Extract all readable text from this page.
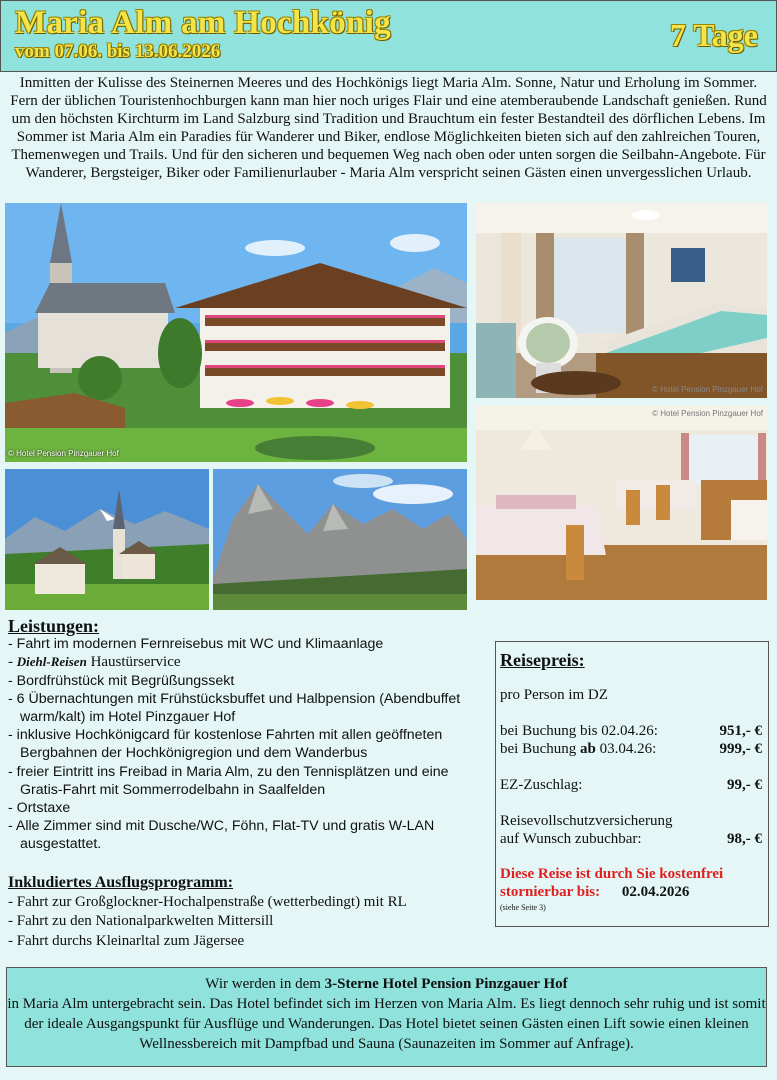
Maria Alm am Hochkönig
vom 07.06. bis 13.06.2026	7 Tage
Inmitten der Kulisse des Steinernen Meeres und des Hochkönigs liegt Maria Alm. Sonne, Natur und Erholung im Sommer. Fern der üblichen Touristenhochburgen kann man hier noch uriges Flair und eine atemberaubende Landschaft genießen. Rund um den höchsten Kirchturm im Land Salzburg sind Tradition und Brauchtum ein fester Bestandteil des dörflichen Lebens. Im Sommer ist Maria Alm ein Paradies für Wanderer und Biker, endlose Möglichkeiten bieten sich auf den zahlreichen Touren, Themenwegen und Trails. Und für den sicheren und bequemen Weg nach oben oder unten sorgen die Seilbahn-Angebote. Für Wanderer, Bergsteiger, Biker oder Familienurlauber - Maria Alm verspricht seinen Gästen einen unvergesslichen Urlaub.
© Hotel Pension Pinzgauer Hof
© Hotel Pension Pinzgauer Hof
© Hotel Pension Pinzgauer Hof
Leistungen:
- Fahrt im modernen Fernreisebus mit WC und Klimaanlage
- Diehl-Reisen Haustürservice
- Bordfrühstück mit Begrüßungssekt
- 6 Übernachtungen mit Frühstücksbuffet und Halbpension (Abendbuffet warm/kalt) im Hotel Pinzgauer Hof
- inklusive Hochkönigcard für kostenlose Fahrten mit allen geöffneten Bergbahnen der Hochkönigregion und dem Wanderbus
- freier Eintritt ins Freibad in Maria Alm, zu den Tennisplätzen und eine Gratis-Fahrt mit Sommerrodelbahn in Saalfelden
- Ortstaxe
- Alle Zimmer sind mit Dusche/WC, Föhn, Flat-TV und gratis W-LAN ausgestattet.
Inkludiertes Ausflugsprogramm:
- Fahrt zur Großglockner-Hochalpenstraße (wetterbedingt) mit RL
- Fahrt zu den Nationalparkwelten Mittersill
- Fahrt durchs Kleinarltal zum Jägersee
Reisepreis:
pro Person im DZ
bei Buchung bis 02.04.26:	951,- €
bei Buchung ab 03.04.26:	999,- €
EZ-Zuschlag:	99,- €
Reisevollschutzversicherung
auf Wunsch zubuchbar:	98,- €
Diese Reise ist durch Sie kostenfrei
stornierbar bis: 02.04.2026
(siehe Seite 3)
Wir werden in dem 3-Sterne Hotel Pension Pinzgauer Hof
in Maria Alm untergebracht sein. Das Hotel befindet sich im Herzen von Maria Alm. Es liegt dennoch sehr ruhig und ist somit der ideale Ausgangspunkt für Ausflüge und Wanderungen. Das Hotel bietet seinen Gästen einen Lift sowie einen kleinen Wellnessbereich mit Dampfbad und Sauna (Saunazeiten im Sommer auf Anfrage).
